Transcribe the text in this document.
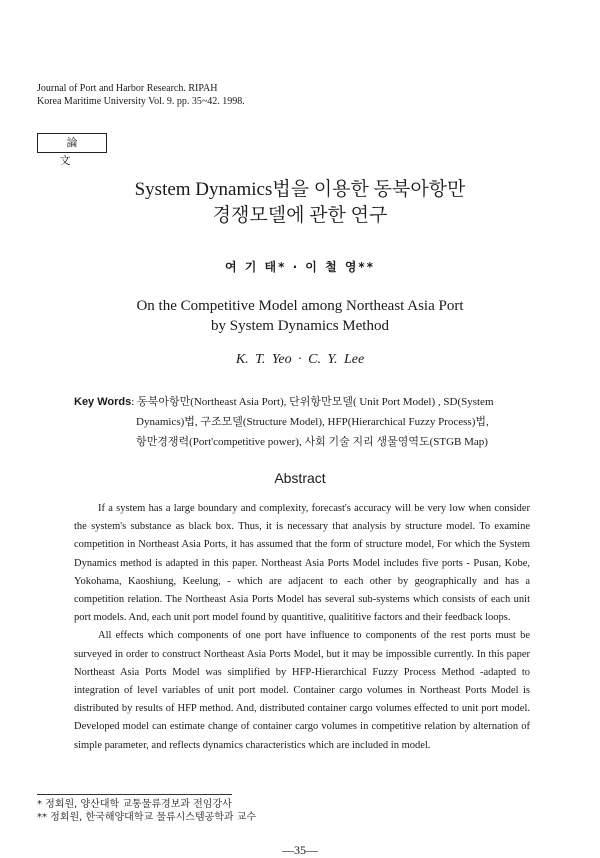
Journal of Port and Harbor Research. RIPAH
Korea Maritime University Vol. 9. pp. 35~42. 1998.
論 文
System Dynamics법을 이용한 동북아항만
경쟁모델에 관한 연구
여 기 태* · 이 철 영**
On the Competitive Model among Northeast Asia Port
by System Dynamics Method
K. T. Yeo · C. Y. Lee
Key Words: 동북아항만(Northeast Asia Port), 단위항만모델( Unit Port Model) , SD(System
Dynamics)법, 구조모델(Structure Model), HFP(Hierarchical Fuzzy Process)법,
항만경쟁력(Port'competitive power), 사회 기술 지리 생물영역도(STGB Map)
Abstract

If a system has a large boundary and complexity, forecast's accuracy will be very low when consider the system's substance as black box. Thus, it is necessary that analysis by structure model. To examine competition in Northeast Asia Ports, it has assumed that the form of structure model, For which the System Dynamics method is adapted in this paper. Northeast Asia Ports Model includes five ports - Pusan, Kobe, Yokohama, Kaoshiung, Keelung, - which are adjacent to each other by geographically and has a competition relation. The Northeast Asia Ports Model has several sub-systems which consists of each unit port models. And, each unit port model found by quantitive, qualititive factors and their feedback loops.

All effects which components of one port have influence to components of the rest ports must be surveyed in order to construct Northeast Asia Ports Model, but it may be impossible currently. In this paper Northeast Asia Ports Model was simplified by HFP-Hierarchical Fuzzy Process Method -adapted to integration of level variables of unit port model. Container cargo volumes in Northeast Ports Model is distributed by results of HFP method. And, distributed container cargo volumes effected to unit port model. Developed model can estimate change of container cargo volumes in competitive relation by alternation of simple parameter, and reflects dynamics characteristics which are included in model.

* 정회원, 양산대학 교통물류경보과 전임강사
** 정회원, 한국해양대학교 물류시스템공학과 교수
—35—
